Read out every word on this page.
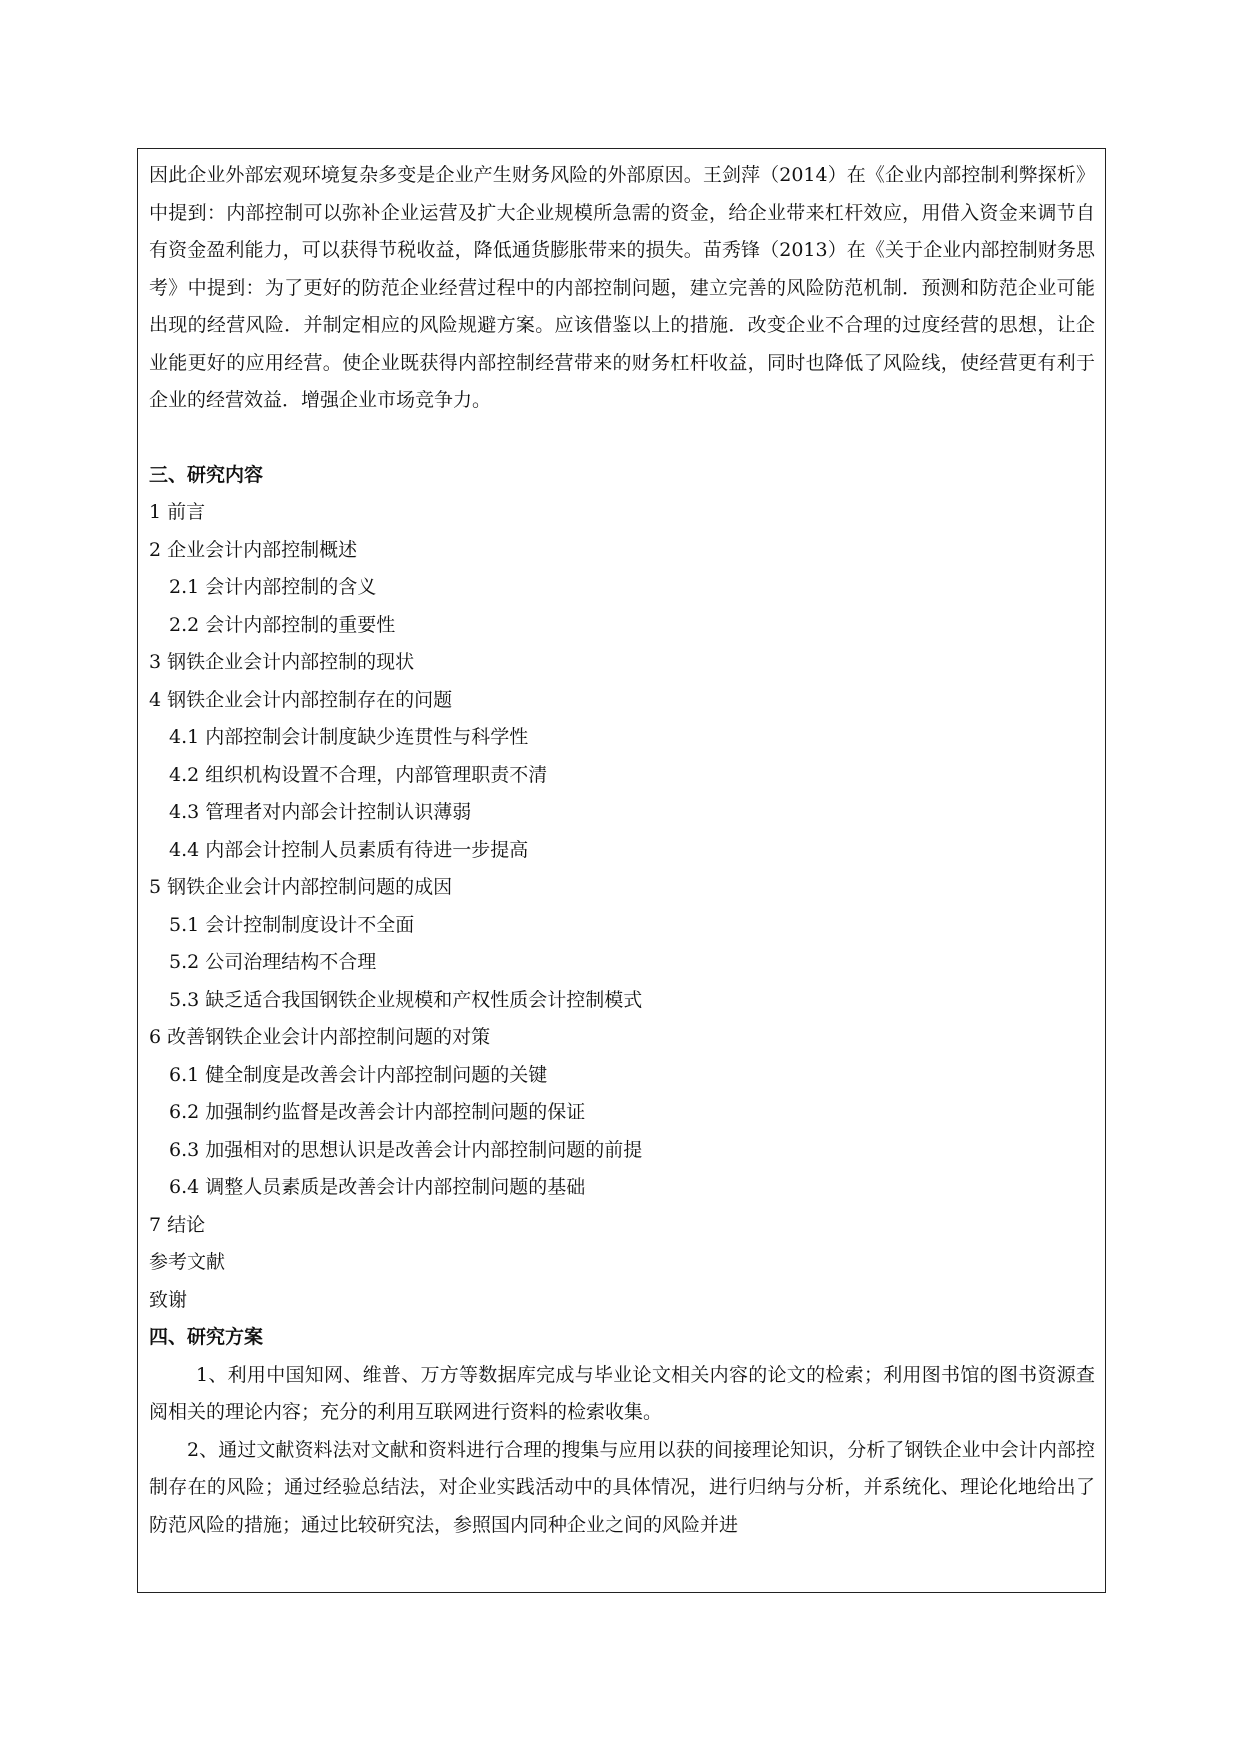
因此企业外部宏观环境复杂多变是企业产生财务风险的外部原因。王剑萍（2014）在《企业内部控制利弊探析》中提到：内部控制可以弥补企业运营及扩大企业规模所急需的资金，给企业带来杠杆效应，用借入资金来调节自有资金盈利能力，可以获得节税收益，降低通货膨胀带来的损失。苗秀锋（2013）在《关于企业内部控制财务思考》中提到：为了更好的防范企业经营过程中的内部控制问题，建立完善的风险防范机制．预测和防范企业可能出现的经营风险．并制定相应的风险规避方案。应该借鉴以上的措施．改变企业不合理的过度经营的思想，让企业能更好的应用经营。使企业既获得内部控制经营带来的财务杠杆收益，同时也降低了风险线，使经营更有利于企业的经营效益．增强企业市场竞争力。

三、研究内容
1 前言
2 企业会计内部控制概述
2.1 会计内部控制的含义
2.2 会计内部控制的重要性
3 钢铁企业会计内部控制的现状
4 钢铁企业会计内部控制存在的问题
4.1 内部控制会计制度缺少连贯性与科学性
4.2 组织机构设置不合理，内部管理职责不清
4.3 管理者对内部会计控制认识薄弱
4.4 内部会计控制人员素质有待进一步提高
5 钢铁企业会计内部控制问题的成因
5.1 会计控制制度设计不全面
5.2 公司治理结构不合理
5.3 缺乏适合我国钢铁企业规模和产权性质会计控制模式
6 改善钢铁企业会计内部控制问题的对策
6.1 健全制度是改善会计内部控制问题的关键
6.2 加强制约监督是改善会计内部控制问题的保证
6.3 加强相对的思想认识是改善会计内部控制问题的前提
6.4 调整人员素质是改善会计内部控制问题的基础
7 结论
参考文献
致谢
四、研究方案

1、利用中国知网、维普、万方等数据库完成与毕业论文相关内容的论文的检索；利用图书馆的图书资源查阅相关的理论内容；充分的利用互联网进行资料的检索收集。

2、通过文献资料法对文献和资料进行合理的搜集与应用以获的间接理论知识，分析了钢铁企业中会计内部控制存在的风险；通过经验总结法，对企业实践活动中的具体情况，进行归纳与分析，并系统化、理论化地给出了防范风险的措施；通过比较研究法，参照国内同种企业之间的风险并进
